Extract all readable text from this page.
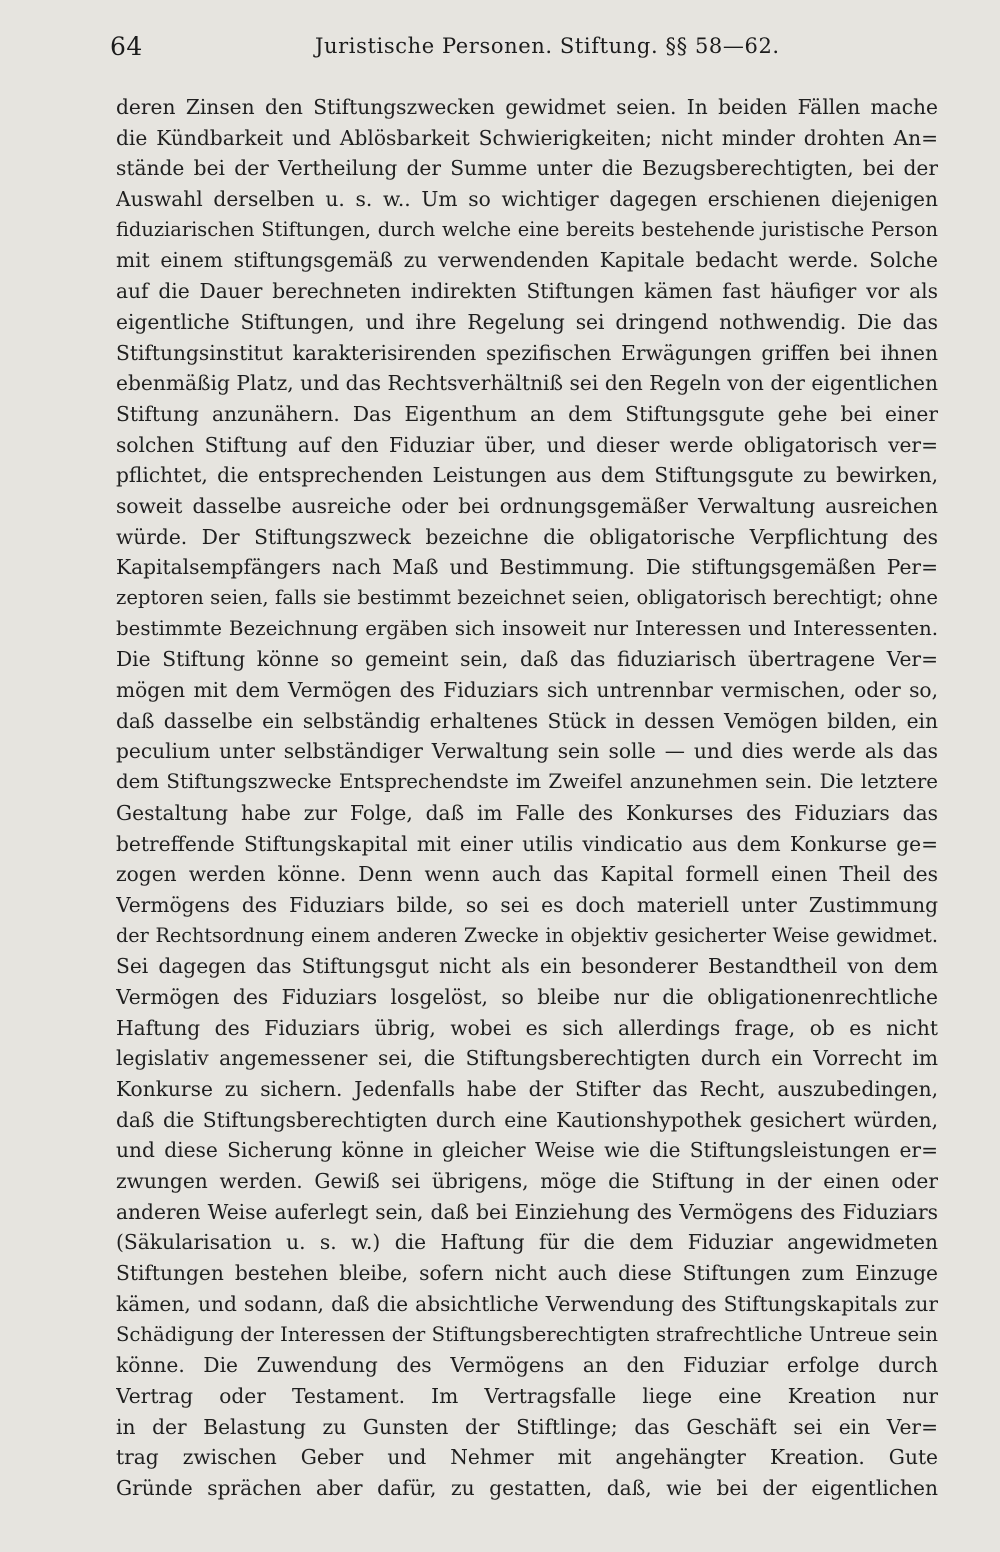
64	Juristische Personen. Stiftung. §§ 58—62.
deren Zinsen den Stiftungszwecken gewidmet seien. In beiden Fällen mache
die Kündbarkeit und Ablösbarkeit Schwierigkeiten; nicht minder drohten An=
stände bei der Vertheilung der Summe unter die Bezugsberechtigten, bei der
Auswahl derselben u. s. w.. Um so wichtiger dagegen erschienen diejenigen
fiduziarischen Stiftungen, durch welche eine bereits bestehende juristische Person
mit einem stiftungsgemäß zu verwendenden Kapitale bedacht werde. Solche
auf die Dauer berechneten indirekten Stiftungen kämen fast häufiger vor als
eigentliche Stiftungen, und ihre Regelung sei dringend nothwendig. Die das
Stiftungsinstitut karakterisirenden spezifischen Erwägungen griffen bei ihnen
ebenmäßig Platz, und das Rechtsverhältniß sei den Regeln von der eigentlichen
Stiftung anzunähern. Das Eigenthum an dem Stiftungsgute gehe bei einer
solchen Stiftung auf den Fiduziar über, und dieser werde obligatorisch ver=
pflichtet, die entsprechenden Leistungen aus dem Stiftungsgute zu bewirken,
soweit dasselbe ausreiche oder bei ordnungsgemäßer Verwaltung ausreichen
würde. Der Stiftungszweck bezeichne die obligatorische Verpflichtung des
Kapitalsempfängers nach Maß und Bestimmung. Die stiftungsgemäßen Per=
zeptoren seien, falls sie bestimmt bezeichnet seien, obligatorisch berechtigt; ohne
bestimmte Bezeichnung ergäben sich insoweit nur Interessen und Interessenten.
Die Stiftung könne so gemeint sein, daß das fiduziarisch übertragene Ver=
mögen mit dem Vermögen des Fiduziars sich untrennbar vermischen, oder so,
daß dasselbe ein selbständig erhaltenes Stück in dessen Vemögen bilden, ein
peculium unter selbständiger Verwaltung sein solle — und dies werde als das
dem Stiftungszwecke Entsprechendste im Zweifel anzunehmen sein. Die letztere
Gestaltung habe zur Folge, daß im Falle des Konkurses des Fiduziars das
betreffende Stiftungskapital mit einer utilis vindicatio aus dem Konkurse ge=
zogen werden könne. Denn wenn auch das Kapital formell einen Theil des
Vermögens des Fiduziars bilde, so sei es doch materiell unter Zustimmung
der Rechtsordnung einem anderen Zwecke in objektiv gesicherter Weise gewidmet.
Sei dagegen das Stiftungsgut nicht als ein besonderer Bestandtheil von dem
Vermögen des Fiduziars losgelöst, so bleibe nur die obligationenrechtliche
Haftung des Fiduziars übrig, wobei es sich allerdings frage, ob es nicht
legislativ angemessener sei, die Stiftungsberechtigten durch ein Vorrecht im
Konkurse zu sichern. Jedenfalls habe der Stifter das Recht, auszubedingen,
daß die Stiftungsberechtigten durch eine Kautionshypothek gesichert würden,
und diese Sicherung könne in gleicher Weise wie die Stiftungsleistungen er=
zwungen werden. Gewiß sei übrigens, möge die Stiftung in der einen oder
anderen Weise auferlegt sein, daß bei Einziehung des Vermögens des Fiduziars
(Säkularisation u. s. w.) die Haftung für die dem Fiduziar angewidmeten
Stiftungen bestehen bleibe, sofern nicht auch diese Stiftungen zum Einzuge
kämen, und sodann, daß die absichtliche Verwendung des Stiftungskapitals zur
Schädigung der Interessen der Stiftungsberechtigten strafrechtliche Untreue sein
könne. Die Zuwendung des Vermögens an den Fiduziar erfolge durch
Vertrag oder Testament. Im Vertragsfalle liege eine Kreation nur
in der Belastung zu Gunsten der Stiftlinge; das Geschäft sei ein Ver=
trag zwischen Geber und Nehmer mit angehängter Kreation. Gute
Gründe sprächen aber dafür, zu gestatten, daß, wie bei der eigentlichen
